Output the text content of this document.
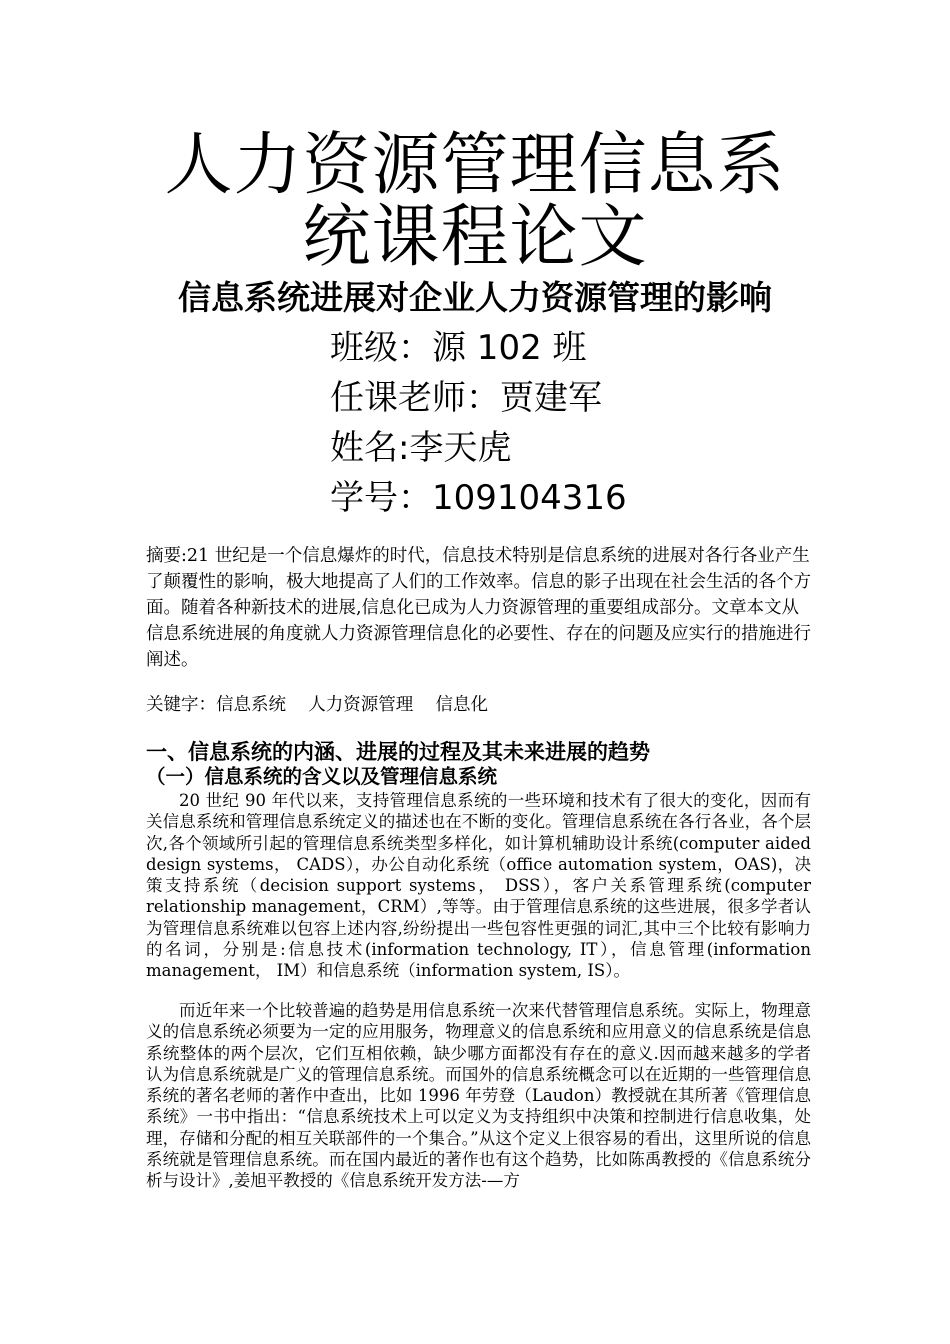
人力资源管理信息系
统课程论文
信息系统进展对企业人力资源管理的影响
班级：源 102 班
任课老师：贾建军
姓名:李天虎
学号：109104316
摘要:21 世纪是一个信息爆炸的时代，信息技术特别是信息系统的进展对各行各业产生了颠覆性的影响，极大地提高了人们的工作效率。信息的影子出现在社会生活的各个方面。随着各种新技术的进展,信息化已成为人力资源管理的重要组成部分。文章本文从信息系统进展的角度就人力资源管理信息化的必要性、存在的问题及应实行的措施进行阐述。
关键字：信息系统    人力资源管理    信息化
一、信息系统的内涵、进展的过程及其未来进展的趋势
（一）信息系统的含义以及管理信息系统
20 世纪 90 年代以来，支持管理信息系统的一些环境和技术有了很大的变化，因而有关信息系统和管理信息系统定义的描述也在不断的变化。管理信息系统在各行各业，各个层次,各个领域所引起的管理信息系统类型多样化，如计算机辅助设计系统(computer aided design systems， CADS），办公自动化系统（office automation system，OAS)，决策支持系统（decision support systems， DSS），客户关系管理系统(computer relationship management，CRM）,等等。由于管理信息系统的这些进展，很多学者认为管理信息系统难以包容上述内容,纷纷提出一些包容性更强的词汇,其中三个比较有影响力的名词，分别是:信息技术(information technology, IT），信息管理(information management， IM）和信息系统（information system, IS）。
而近年来一个比较普遍的趋势是用信息系统一次来代替管理信息系统。实际上，物理意义的信息系统必须要为一定的应用服务，物理意义的信息系统和应用意义的信息系统是信息系统整体的两个层次，它们互相依赖，缺少哪方面都没有存在的意义.因而越来越多的学者认为信息系统就是广义的管理信息系统。而国外的信息系统概念可以在近期的一些管理信息系统的著名老师的著作中查出，比如 1996 年劳登（Laudon）教授就在其所著《管理信息系统》一书中指出：“信息系统技术上可以定义为支持组织中决策和控制进行信息收集，处理，存储和分配的相互关联部件的一个集合。”从这个定义上很容易的看出，这里所说的信息系统就是管理信息系统。而在国内最近的著作也有这个趋势，比如陈禹教授的《信息系统分析与设计》,姜旭平教授的《信息系统开发方法-—方
